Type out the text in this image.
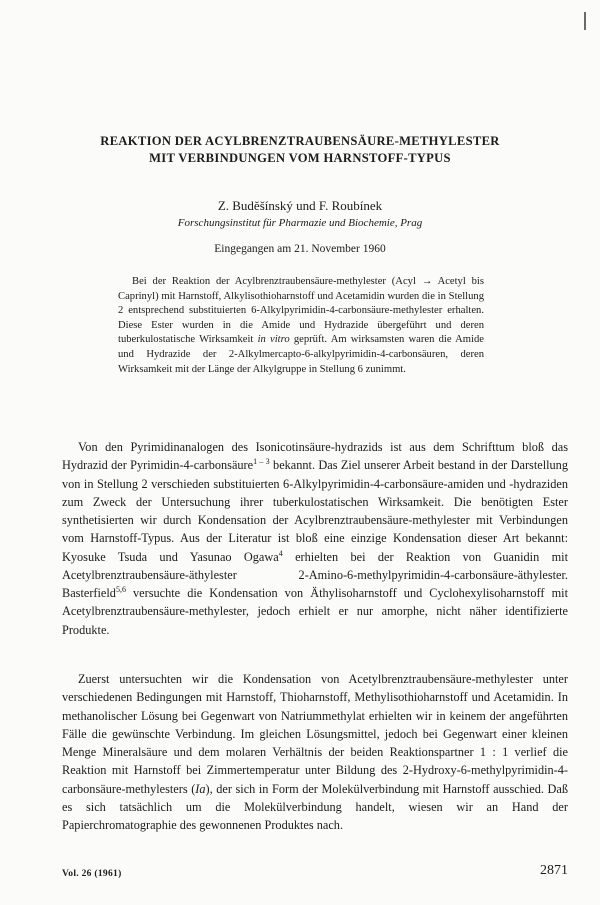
REAKTION DER ACYLBRENZTRAUBENSÄURE-METHYLESTER
MIT VERBINDUNGEN VOM HARNSTOFF-TYPUS
Z. Budĕšínský und F. Roubínek
Forschungsinstitut für Pharmazie und Biochemie, Prag
Eingegangen am 21. November 1960

Bei der Reaktion der Acylbrenztraubensäure-methylester (Acyl → Acetyl bis Caprinyl) mit Harnstoff, Alkylisothioharnstoff und Acetamidin wurden die in Stellung 2 entsprechend substituierten 6-Alkylpyrimidin-4-carbonsäure-methylester erhalten. Diese Ester wurden in die Amide und Hydrazide übergeführt und deren tuberkulostatische Wirksamkeit in vitro geprüft. Am wirksamsten waren die Amide und Hydrazide der 2-Alkylmercapto-6-alkylpyrimidin-4-carbonsäuren, deren Wirksamkeit mit der Länge der Alkylgruppe in Stellung 6 zunimmt.

Von den Pyrimidinanalogen des Isonicotinsäure-hydrazids ist aus dem Schrifttum bloß das Hydrazid der Pyrimidin-4-carbonsäure$^{1 - 3}$ bekannt. Das Ziel unserer Arbeit bestand in der Darstellung von in Stellung 2 verschieden substituierten 6-Alkylpyrimidin-4-carbonsäure-amiden und -hydraziden zum Zweck der Untersuchung ihrer tuberkulostatischen Wirksamkeit. Die benötigten Ester synthetisierten wir durch Kondensation der Acylbrenztraubensäure-methylester mit Verbindungen vom Harnstoff-Typus. Aus der Literatur ist bloß eine einzige Kondensation dieser Art bekannt: Kyosuke Tsuda und Yasunao Ogawa$^4$ erhielten bei der Reaktion von Guanidin mit Acetylbrenztraubensäure-äthylester 2-Amino-6-methylpyrimidin-4-carbonsäure-äthylester. Basterfield$^{5,6}$ versuchte die Kondensation von Äthylisoharnstoff und Cyclohexylisoharnstoff mit Acetylbrenztraubensäure-methylester, jedoch erhielt er nur amorphe, nicht näher identifizierte Produkte.

Zuerst untersuchten wir die Kondensation von Acetylbrenztraubensäure-methylester unter verschiedenen Bedingungen mit Harnstoff, Thioharnstoff, Methylisothioharnstoff und Acetamidin. In methanolischer Lösung bei Gegenwart von Natriummethylat erhielten wir in keinem der angeführten Fälle die gewünschte Verbindung. Im gleichen Lösungsmittel, jedoch bei Gegenwart einer kleinen Menge Mineralsäure und dem molaren Verhältnis der beiden Reaktionspartner 1 : 1 verlief die Reaktion mit Harnstoff bei Zimmertemperatur unter Bildung des 2-Hydroxy-6-methylpyrimidin-4-carbonsäure-methylesters (Ia), der sich in Form der Molekülverbindung mit Harnstoff ausschied. Daß es sich tatsächlich um die Molekülverbindung handelt, wiesen wir an Hand der Papierchromatographie des gewonnenen Produktes nach.

Vol. 26 (1961)	2871
